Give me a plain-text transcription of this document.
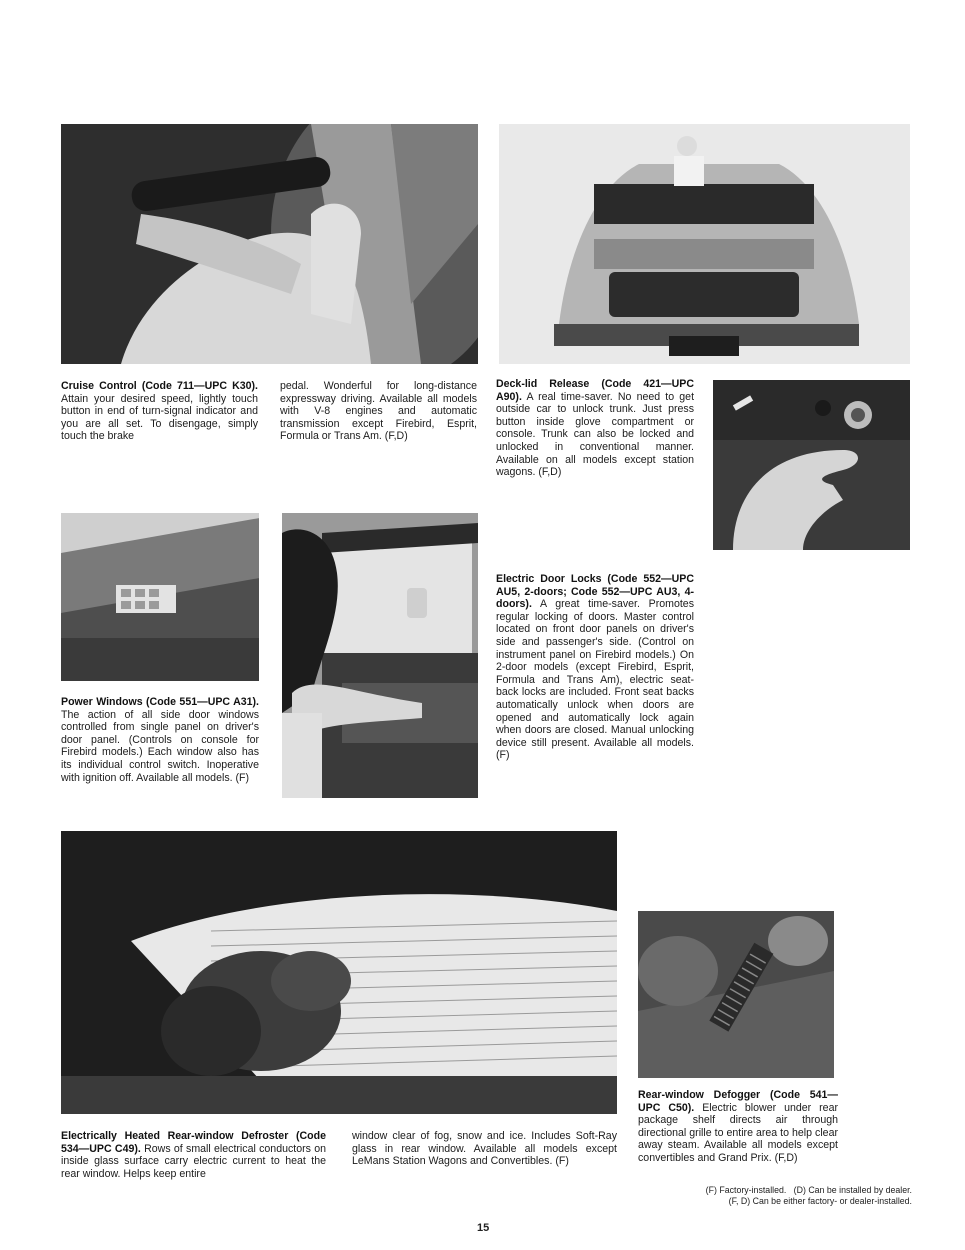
Cruise Control (Code 711—UPC K30). Attain your desired speed, lightly touch button in end of turn-signal indicator and you are all set. To disengage, simply touch the brake

pedal. Wonderful for long-distance expressway driving. Available all models with V-8 engines and automatic transmission except Firebird, Esprit, Formula or Trans Am. (F,D)

Deck-lid Release (Code 421—UPC A90). A real time-saver. No need to get outside car to unlock trunk. Just press button inside glove compartment or console. Trunk can also be locked and unlocked in conventional manner. Available on all models except station wagons. (F,D)

Power Windows (Code 551—UPC A31). The action of all side door windows controlled from single panel on driver's door panel. (Controls on console for Firebird models.) Each window also has its individual control switch. Inoperative with ignition off. Available all models. (F)

Electric Door Locks (Code 552—UPC AU5, 2-doors; Code 552—UPC AU3, 4-doors). A great time-saver. Promotes regular locking of doors. Master control located on front door panels on driver's side and passenger's side. (Control on instrument panel on Firebird models.) On 2-door models (except Firebird, Esprit, Formula and Trans Am), electric seat-back locks are included. Front seat backs automatically unlock when doors are opened and automatically lock again when doors are closed. Manual unlocking device still present. Available all models. (F)

Electrically Heated Rear-window Defroster (Code 534—UPC C49). Rows of small electrical conductors on inside glass surface carry electric current to heat the rear window. Helps keep entire

window clear of fog, snow and ice. Includes Soft-Ray glass in rear window. Available all models except LeMans Station Wagons and Convertibles. (F)

Rear-window Defogger (Code 541—UPC C50). Electric blower under rear package shelf directs air through directional grille to entire area to help clear away steam. Available all models except convertibles and Grand Prix. (F,D)

(F) Factory-installed.   (D) Can be installed by dealer.
(F, D) Can be either factory- or dealer-installed.
15
